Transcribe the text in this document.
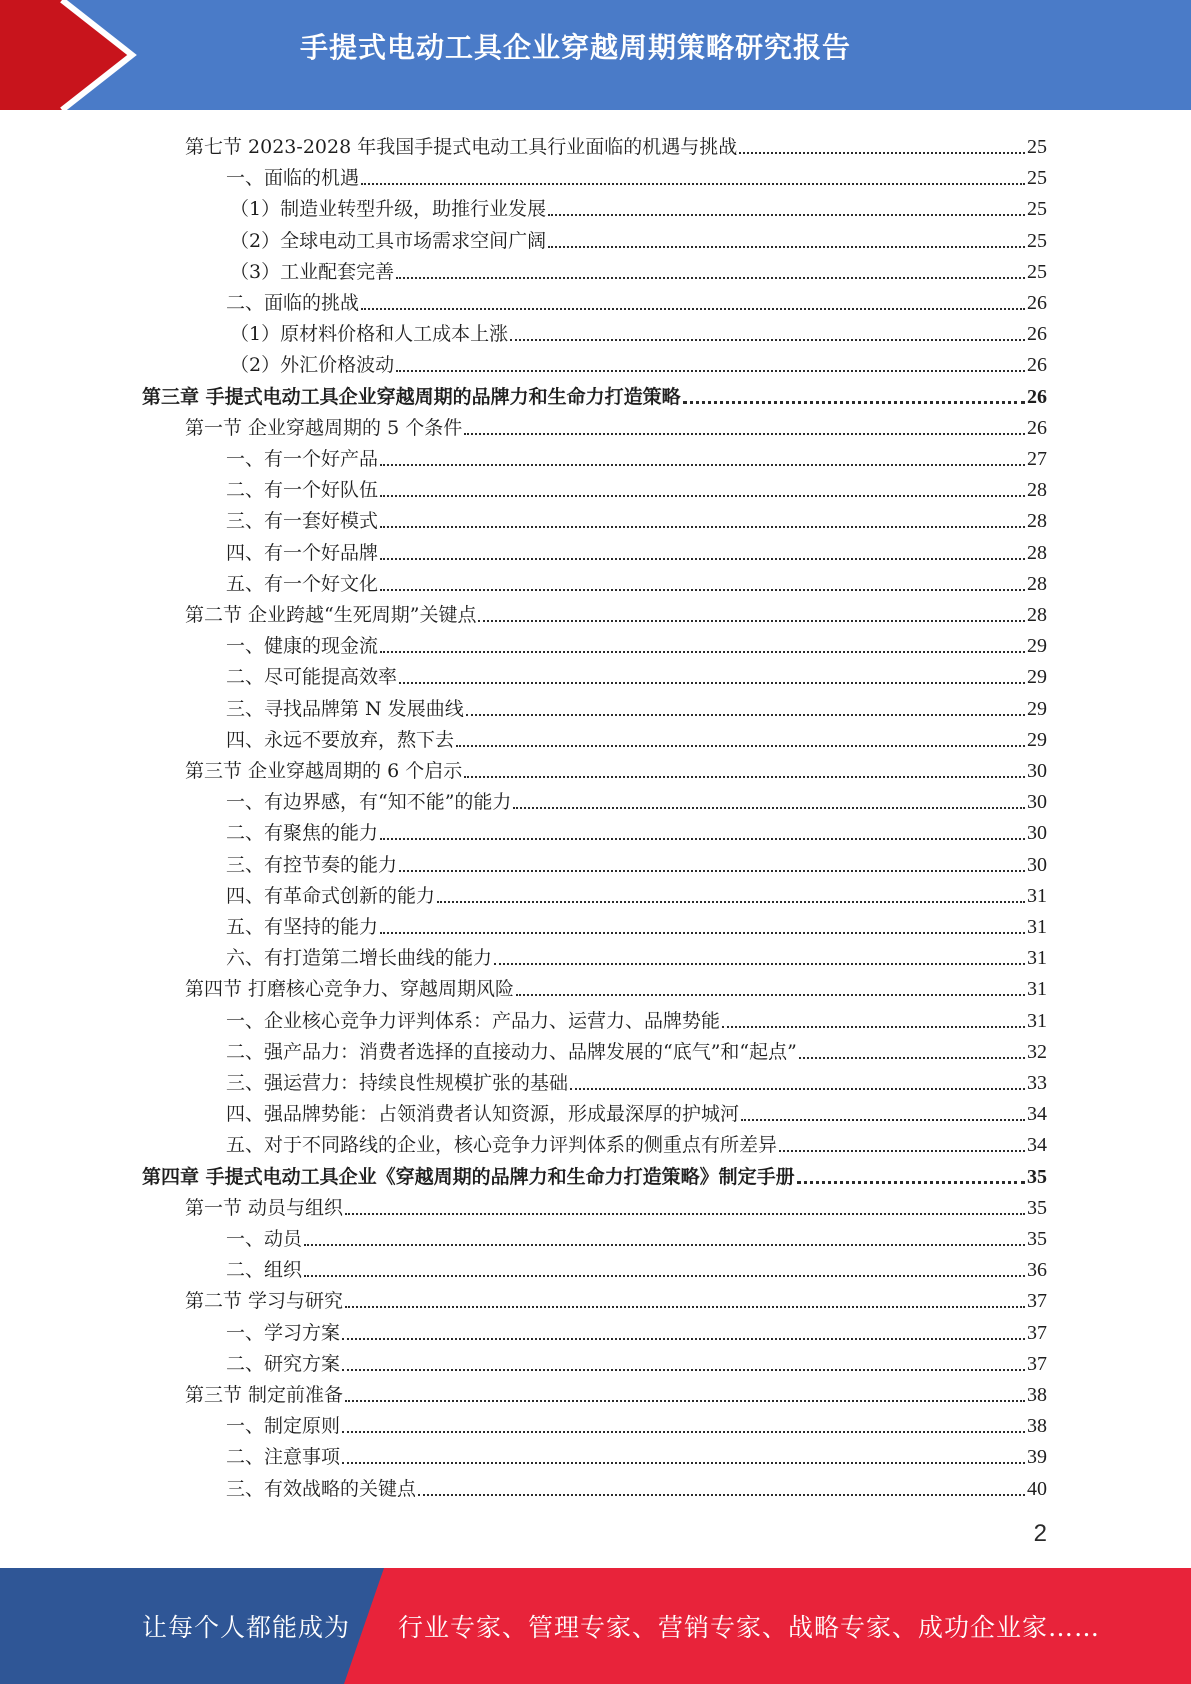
手提式电动工具企业穿越周期策略研究报告
第七节 2023-2028 年我国手提式电动工具行业面临的机遇与挑战	25
一、面临的机遇	25
（1）制造业转型升级，助推行业发展	25
（2）全球电动工具市场需求空间广阔	25
（3）工业配套完善	25
二、面临的挑战	26
（1）原材料价格和人工成本上涨	26
（2）外汇价格波动	26
第三章 手提式电动工具企业穿越周期的品牌力和生命力打造策略	26
第一节 企业穿越周期的 5 个条件	26
一、有一个好产品	27
二、有一个好队伍	28
三、有一套好模式	28
四、有一个好品牌	28
五、有一个好文化	28
第二节 企业跨越“生死周期”关键点	28
一、健康的现金流	29
二、尽可能提高效率	29
三、寻找品牌第 N 发展曲线	29
四、永远不要放弃，熬下去	29
第三节 企业穿越周期的 6 个启示	30
一、有边界感，有“知不能”的能力	30
二、有聚焦的能力	30
三、有控节奏的能力	30
四、有革命式创新的能力	31
五、有坚持的能力	31
六、有打造第二增长曲线的能力	31
第四节 打磨核心竞争力、穿越周期风险	31
一、企业核心竞争力评判体系：产品力、运营力、品牌势能	31
二、强产品力：消费者选择的直接动力、品牌发展的“底气”和“起点”	32
三、强运营力：持续良性规模扩张的基础	33
四、强品牌势能：占领消费者认知资源，形成最深厚的护城河	34
五、对于不同路线的企业，核心竞争力评判体系的侧重点有所差异	34
第四章 手提式电动工具企业《穿越周期的品牌力和生命力打造策略》制定手册	35
第一节 动员与组织	35
一、动员	35
二、组织	36
第二节 学习与研究	37
一、学习方案	37
二、研究方案	37
第三节 制定前准备	38
一、制定原则	38
二、注意事项	39
三、有效战略的关键点	40
2
让每个人都能成为 行业专家、管理专家、营销专家、战略专家、成功企业家……
